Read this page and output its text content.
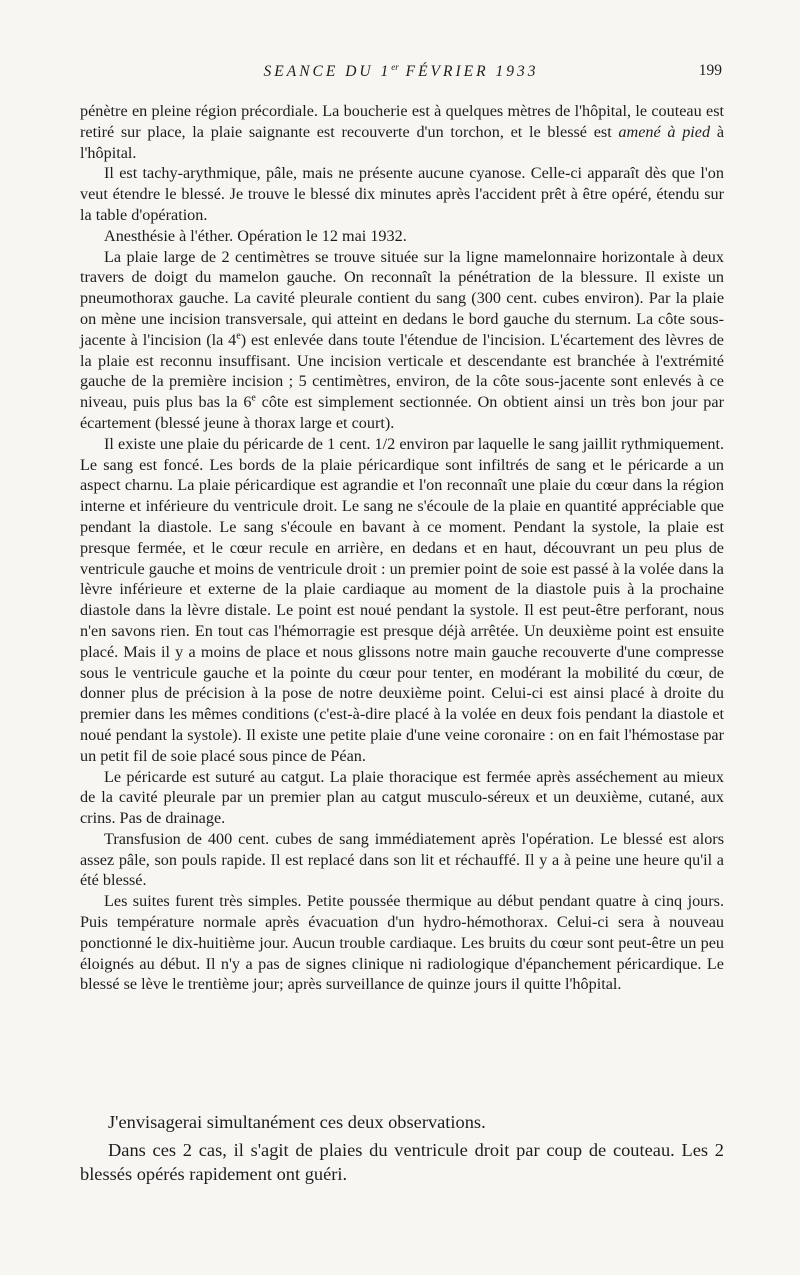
SEANCE DU 1er FÉVRIER 1933	199

pénètre en pleine région précordiale. La boucherie est à quelques mètres de l'hôpital, le couteau est retiré sur place, la plaie saignante est recouverte d'un torchon, et le blessé est amené à pied à l'hôpital.

Il est tachy-arythmique, pâle, mais ne présente aucune cyanose. Celle-ci apparaît dès que l'on veut étendre le blessé. Je trouve le blessé dix minutes après l'accident prêt à être opéré, étendu sur la table d'opération.

Anesthésie à l'éther. Opération le 12 mai 1932.

La plaie large de 2 centimètres se trouve située sur la ligne mamelonnaire horizontale à deux travers de doigt du mamelon gauche. On reconnaît la pénétration de la blessure. Il existe un pneumothorax gauche. La cavité pleurale contient du sang (300 cent. cubes environ). Par la plaie on mène une incision transversale, qui atteint en dedans le bord gauche du sternum. La côte sous-jacente à l'incision (la 4e) est enlevée dans toute l'étendue de l'incision. L'écartement des lèvres de la plaie est reconnu insuffisant. Une incision verticale et descendante est branchée à l'extrémité gauche de la première incision ; 5 centimètres, environ, de la côte sous-jacente sont enlevés à ce niveau, puis plus bas la 6e côte est simplement sectionnée. On obtient ainsi un très bon jour par écartement (blessé jeune à thorax large et court).

Il existe une plaie du péricarde de 1 cent. 1/2 environ par laquelle le sang jaillit rythmiquement. Le sang est foncé. Les bords de la plaie péricardique sont infiltrés de sang et le péricarde a un aspect charnu. La plaie péricardique est agrandie et l'on reconnaît une plaie du cœur dans la région interne et inférieure du ventricule droit. Le sang ne s'écoule de la plaie en quantité appréciable que pendant la diastole. Le sang s'écoule en bavant à ce moment. Pendant la systole, la plaie est presque fermée, et le cœur recule en arrière, en dedans et en haut, découvrant un peu plus de ventricule gauche et moins de ventricule droit : un premier point de soie est passé à la volée dans la lèvre inférieure et externe de la plaie cardiaque au moment de la diastole puis à la prochaine diastole dans la lèvre distale. Le point est noué pendant la systole. Il est peut-être perforant, nous n'en savons rien. En tout cas l'hémorragie est presque déjà arrêtée. Un deuxième point est ensuite placé. Mais il y a moins de place et nous glissons notre main gauche recouverte d'une compresse sous le ventricule gauche et la pointe du cœur pour tenter, en modérant la mobilité du cœur, de donner plus de précision à la pose de notre deuxième point. Celui-ci est ainsi placé à droite du premier dans les mêmes conditions (c'est-à-dire placé à la volée en deux fois pendant la diastole et noué pendant la systole). Il existe une petite plaie d'une veine coronaire : on en fait l'hémostase par un petit fil de soie placé sous pince de Péan.

Le péricarde est suturé au catgut. La plaie thoracique est fermée après asséchement au mieux de la cavité pleurale par un premier plan au catgut musculo-séreux et un deuxième, cutané, aux crins. Pas de drainage.

Transfusion de 400 cent. cubes de sang immédiatement après l'opération. Le blessé est alors assez pâle, son pouls rapide. Il est replacé dans son lit et réchauffé. Il y a à peine une heure qu'il a été blessé.

Les suites furent très simples. Petite poussée thermique au début pendant quatre à cinq jours. Puis température normale après évacuation d'un hydro-hémothorax. Celui-ci sera à nouveau ponctionné le dix-huitième jour. Aucun trouble cardiaque. Les bruits du cœur sont peut-être un peu éloignés au début. Il n'y a pas de signes clinique ni radiologique d'épanchement péricardique. Le blessé se lève le trentième jour; après surveillance de quinze jours il quitte l'hôpital.

J'envisagerai simultanément ces deux observations.

Dans ces 2 cas, il s'agit de plaies du ventricule droit par coup de couteau. Les 2 blessés opérés rapidement ont guéri.
